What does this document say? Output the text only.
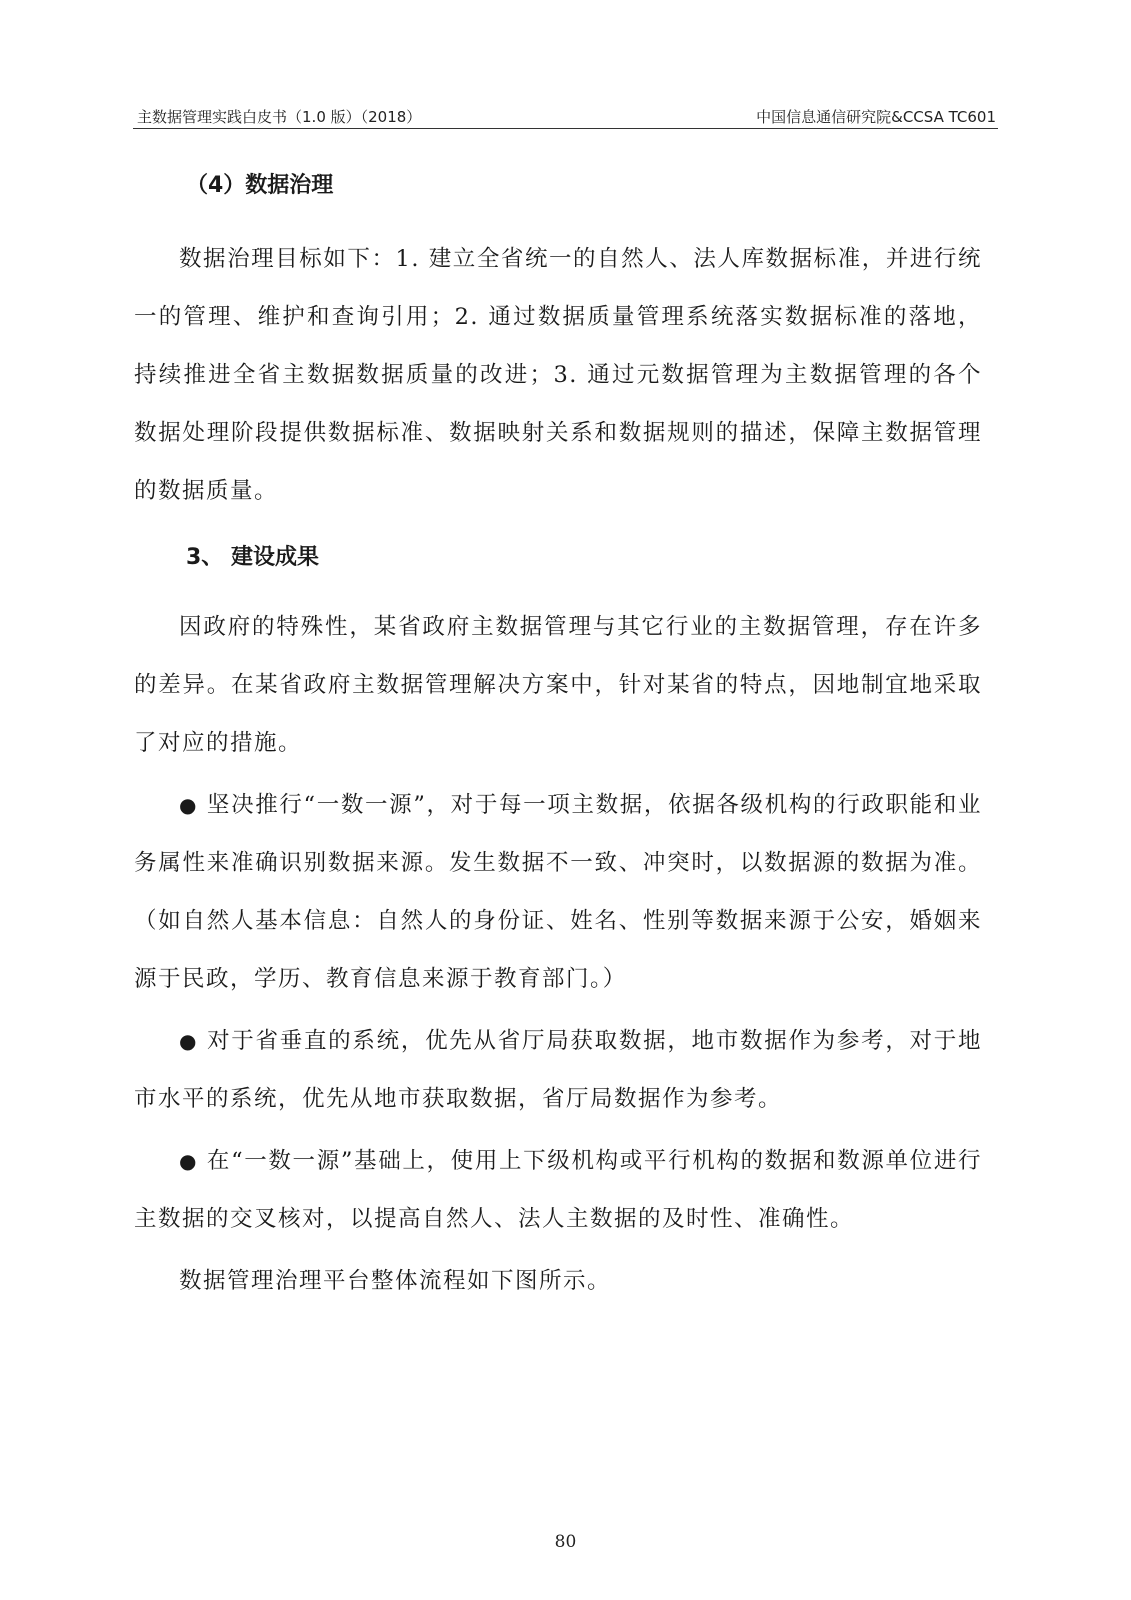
主数据管理实践白皮书（1.0 版）（2018）	中国信息通信研究院&CCSA TC601
（4）数据治理

数据治理目标如下：1. 建立全省统一的自然人、法人库数据标准，并进行统一的管理、维护和查询引用；2. 通过数据质量管理系统落实数据标准的落地，持续推进全省主数据数据质量的改进；3. 通过元数据管理为主数据管理的各个数据处理阶段提供数据标准、数据映射关系和数据规则的描述，保障主数据管理的数据质量。

3、 建设成果

因政府的特殊性，某省政府主数据管理与其它行业的主数据管理，存在许多的差异。在某省政府主数据管理解决方案中，针对某省的特点，因地制宜地采取了对应的措施。

● 坚决推行“一数一源”，对于每一项主数据，依据各级机构的行政职能和业务属性来准确识别数据来源。发生数据不一致、冲突时，以数据源的数据为准。（如自然人基本信息：自然人的身份证、姓名、性别等数据来源于公安，婚姻来源于民政，学历、教育信息来源于教育部门。）

● 对于省垂直的系统，优先从省厅局获取数据，地市数据作为参考，对于地市水平的系统，优先从地市获取数据，省厅局数据作为参考。

● 在“一数一源”基础上，使用上下级机构或平行机构的数据和数源单位进行主数据的交叉核对，以提高自然人、法人主数据的及时性、准确性。

数据管理治理平台整体流程如下图所示。

80
